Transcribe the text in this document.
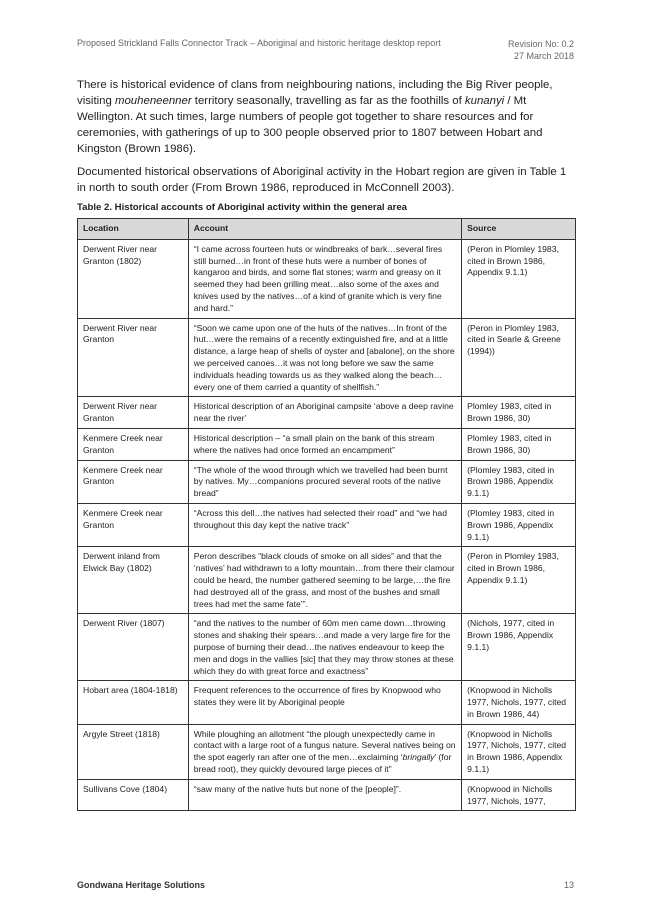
Proposed Strickland Falls Connector Track – Aboriginal and historic heritage desktop report	Revision No: 0.2
27 March 2018

There is historical evidence of clans from neighbouring nations, including the Big River people, visiting mouheneenner territory seasonally, travelling as far as the foothills of kunanyi / Mt Wellington. At such times, large numbers of people got together to share resources and for ceremonies, with gatherings of up to 300 people observed prior to 1807 between Hobart and Kingston (Brown 1986).

Documented historical observations of Aboriginal activity in the Hobart region are given in Table 1 in north to south order (From Brown 1986, reproduced in McConnell 2003).

Table 2. Historical accounts of Aboriginal activity within the general area
Location	Account	Source
Derwent River near Granton (1802)	“I came across fourteen huts or windbreaks of bark…several fires still burned…in front of these huts were a number of bones of kangaroo and birds, and some flat stones; warm and greasy on it seemed they had been grilling meat…also some of the axes and knives used by the natives…of a kind of granite which is very fine and hard.”	(Peron in Plomley 1983, cited in Brown 1986, Appendix 9.1.1)
Derwent River near Granton	“Soon we came upon one of the huts of the natives…In front of the hut…were the remains of a recently extinguished fire, and at a little distance, a large heap of shells of oyster and [abalone], on the shore we perceived canoes…it was not long before we saw the same individuals heading towards us as they walked along the beach…every one of them carried a quantity of shellfish.”	(Peron in Plomley 1983, cited in Searle & Greene (1994))
Derwent River near Granton	Historical description of an Aboriginal campsite ‘above a deep ravine near the river’	Plomley 1983, cited in Brown 1986, 30)
Kenmere Creek near Granton	Historical description – “a small plain on the bank of this stream where the natives had once formed an encampment”	Plomley 1983, cited in Brown 1986, 30)
Kenmere Creek near Granton	“The whole of the wood through which we travelled had been burnt by natives. My…companions procured several roots of the native bread”	(Plomley 1983, cited in Brown 1986, Appendix 9.1.1)
Kenmere Creek near Granton	“Across this dell…the natives had selected their road” and “we had throughout this day kept the native track”	(Plomley 1983, cited in Brown 1986, Appendix 9.1.1)
Derwent inland from Elwick Bay (1802)	Peron describes “black clouds of smoke on all sides” and that the ‘natives’ had withdrawn to a lofty mountain…from there their clamour could be heard, the number gathered seeming to be large,…the fire had destroyed all of the grass, and most of the bushes and small trees had met the same fate’”.	(Peron in Plomley 1983, cited in Brown 1986, Appendix 9.1.1)
Derwent River (1807)	“and the natives to the number of 60m men came down…throwing stones and shaking their spears…and made a very large fire for the purpose of burning their dead…the natives endeavour to keep the men and dogs in the vallies [sic] that they may throw stones at these which they do with great force and exactness”	(Nichols, 1977, cited in Brown 1986, Appendix 9.1.1)
Hobart area (1804-1818)	Frequent references to the occurrence of fires by Knopwood who states they were lit by Aboriginal people	(Knopwood in Nicholls 1977, Nichols, 1977, cited in Brown 1986, 44)
Argyle Street (1818)	While ploughing an allotment “the plough unexpectedly came in contact with a large root of a fungus nature. Several natives being on the spot eagerly ran after one of the men…exclaiming ‘bringally’ (for bread root), they quickly devoured large pieces of it”	(Knopwood in Nicholls 1977, Nichols, 1977, cited in Brown 1986, Appendix 9.1.1)
Sullivans Cove (1804)	“saw many of the native huts but none of the [people]”.	(Knopwood in Nicholls 1977, Nichols, 1977,
Gondwana Heritage Solutions	13
